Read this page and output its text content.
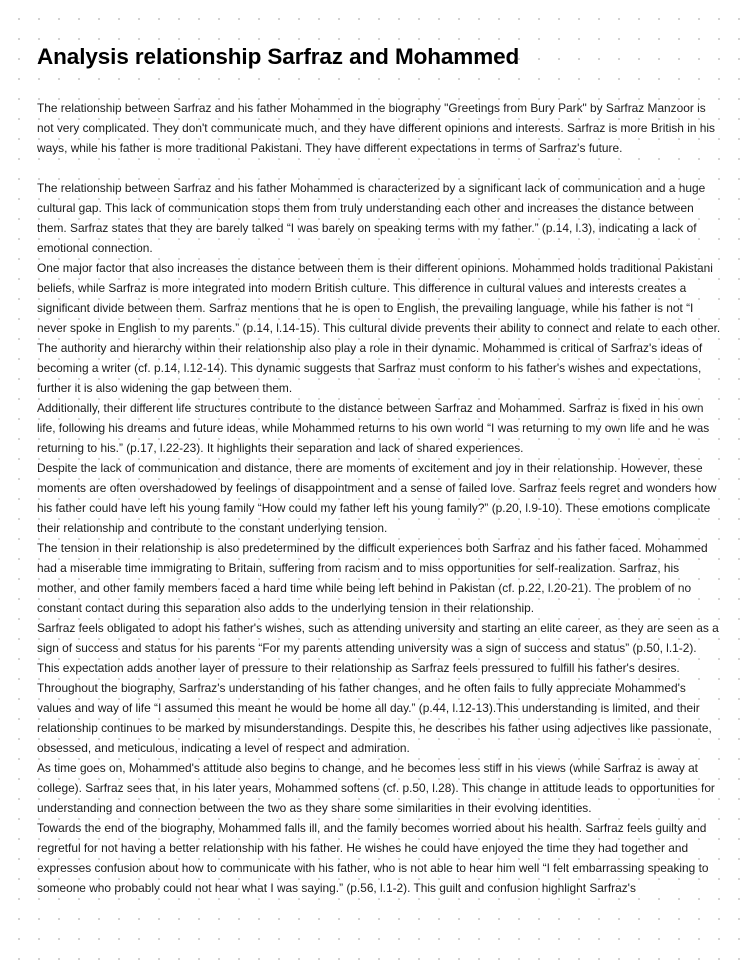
Analysis relationship Sarfraz and Mohammed

The relationship between Sarfraz and his father Mohammed in the biography "Greetings from Bury Park" by Sarfraz Manzoor is not very complicated. They don't communicate much, and they have different opinions and interests. Sarfraz is more British in his ways, while his father is more traditional Pakistani. They have different expectations in terms of Sarfraz's future.

The relationship between Sarfraz and his father Mohammed is characterized by a significant lack of communication and a huge cultural gap. This lack of communication stops them from truly understanding each other and increases the distance between them. Sarfraz states that they are barely talked “I was barely on speaking terms with my father.” (p.14, l.3), indicating a lack of emotional connection.

One major factor that also increases the distance between them is their different opinions. Mohammed holds traditional Pakistani beliefs, while Sarfraz is more integrated into modern British culture. This difference in cultural values and interests creates a significant divide between them. Sarfraz mentions that he is open to English, the prevailing language, while his father is not “I never spoke in English to my parents.” (p.14, l.14-15). This cultural divide prevents their ability to connect and relate to each other.

The authority and hierarchy within their relationship also play a role in their dynamic. Mohammed is critical of Sarfraz's ideas of becoming a writer (cf. p.14, l.12-14). This dynamic suggests that Sarfraz must conform to his father's wishes and expectations, further it is also widening the gap between them.

Additionally, their different life structures contribute to the distance between Sarfraz and Mohammed. Sarfraz is fixed in his own life, following his dreams and future ideas, while Mohammed returns to his own world “I was returning to my own life and he was returning to his.” (p.17, l.22-23). It highlights their separation and lack of shared experiences.

Despite the lack of communication and distance, there are moments of excitement and joy in their relationship. However, these moments are often overshadowed by feelings of disappointment and a sense of failed love. Sarfraz feels regret and wonders how his father could have left his young family “How could my father left his young family?” (p.20, l.9-10). These emotions complicate their relationship and contribute to the constant underlying tension.

The tension in their relationship is also predetermined by the difficult experiences both Sarfraz and his father faced. Mohammed had a miserable time immigrating to Britain, suffering from racism and to miss opportunities for self-realization. Sarfraz, his mother, and other family members faced a hard time while being left behind in Pakistan (cf. p.22, l.20-21). The problem of no constant contact during this separation also adds to the underlying tension in their relationship.

Sarfraz feels obligated to adopt his father's wishes, such as attending university and starting an elite career, as they are seen as a sign of success and status for his parents “For my parents attending university was a sign of success and status” (p.50, l.1-2). This expectation adds another layer of pressure to their relationship as Sarfraz feels pressured to fulfill his father's desires.

Throughout the biography, Sarfraz's understanding of his father changes, and he often fails to fully appreciate Mohammed's values and way of life “I assumed this meant he would be home all day.” (p.44, l.12-13).This understanding is limited, and their relationship continues to be marked by misunderstandings. Despite this, he describes his father using adjectives like passionate, obsessed, and meticulous, indicating a level of respect and admiration.

As time goes on, Mohammed's attitude also begins to change, and he becomes less stiff in his views (while Sarfraz is away at college). Sarfraz sees that, in his later years, Mohammed softens (cf. p.50, l.28). This change in attitude leads to opportunities for understanding and connection between the two as they share some similarities in their evolving identities.

Towards the end of the biography, Mohammed falls ill, and the family becomes worried about his health. Sarfraz feels guilty and regretful for not having a better relationship with his father. He wishes he could have enjoyed the time they had together and expresses confusion about how to communicate with his father, who is not able to hear him well “I felt embarrassing speaking to someone who probably could not hear what I was saying.” (p.56, l.1-2). This guilt and confusion highlight Sarfraz's
